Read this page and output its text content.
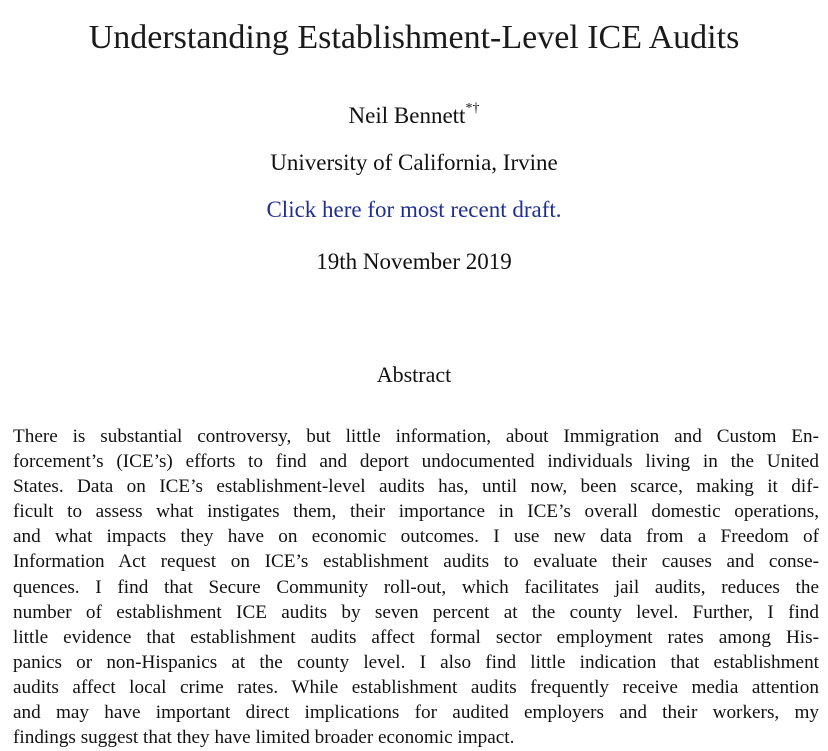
Understanding Establishment-Level ICE Audits
Neil Bennett*†
University of California, Irvine
Click here for most recent draft.
19th November 2019
Abstract
There is substantial controversy, but little information, about Immigration and Custom En-
forcement’s (ICE’s) efforts to find and deport undocumented individuals living in the United
States. Data on ICE’s establishment-level audits has, until now, been scarce, making it dif-
ficult to assess what instigates them, their importance in ICE’s overall domestic operations,
and what impacts they have on economic outcomes. I use new data from a Freedom of
Information Act request on ICE’s establishment audits to evaluate their causes and conse-
quences. I find that Secure Community roll-out, which facilitates jail audits, reduces the
number of establishment ICE audits by seven percent at the county level. Further, I find
little evidence that establishment audits affect formal sector employment rates among His-
panics or non-Hispanics at the county level. I also find little indication that establishment
audits affect local crime rates. While establishment audits frequently receive media attention
and may have important direct implications for audited employers and their workers, my
findings suggest that they have limited broader economic impact.
